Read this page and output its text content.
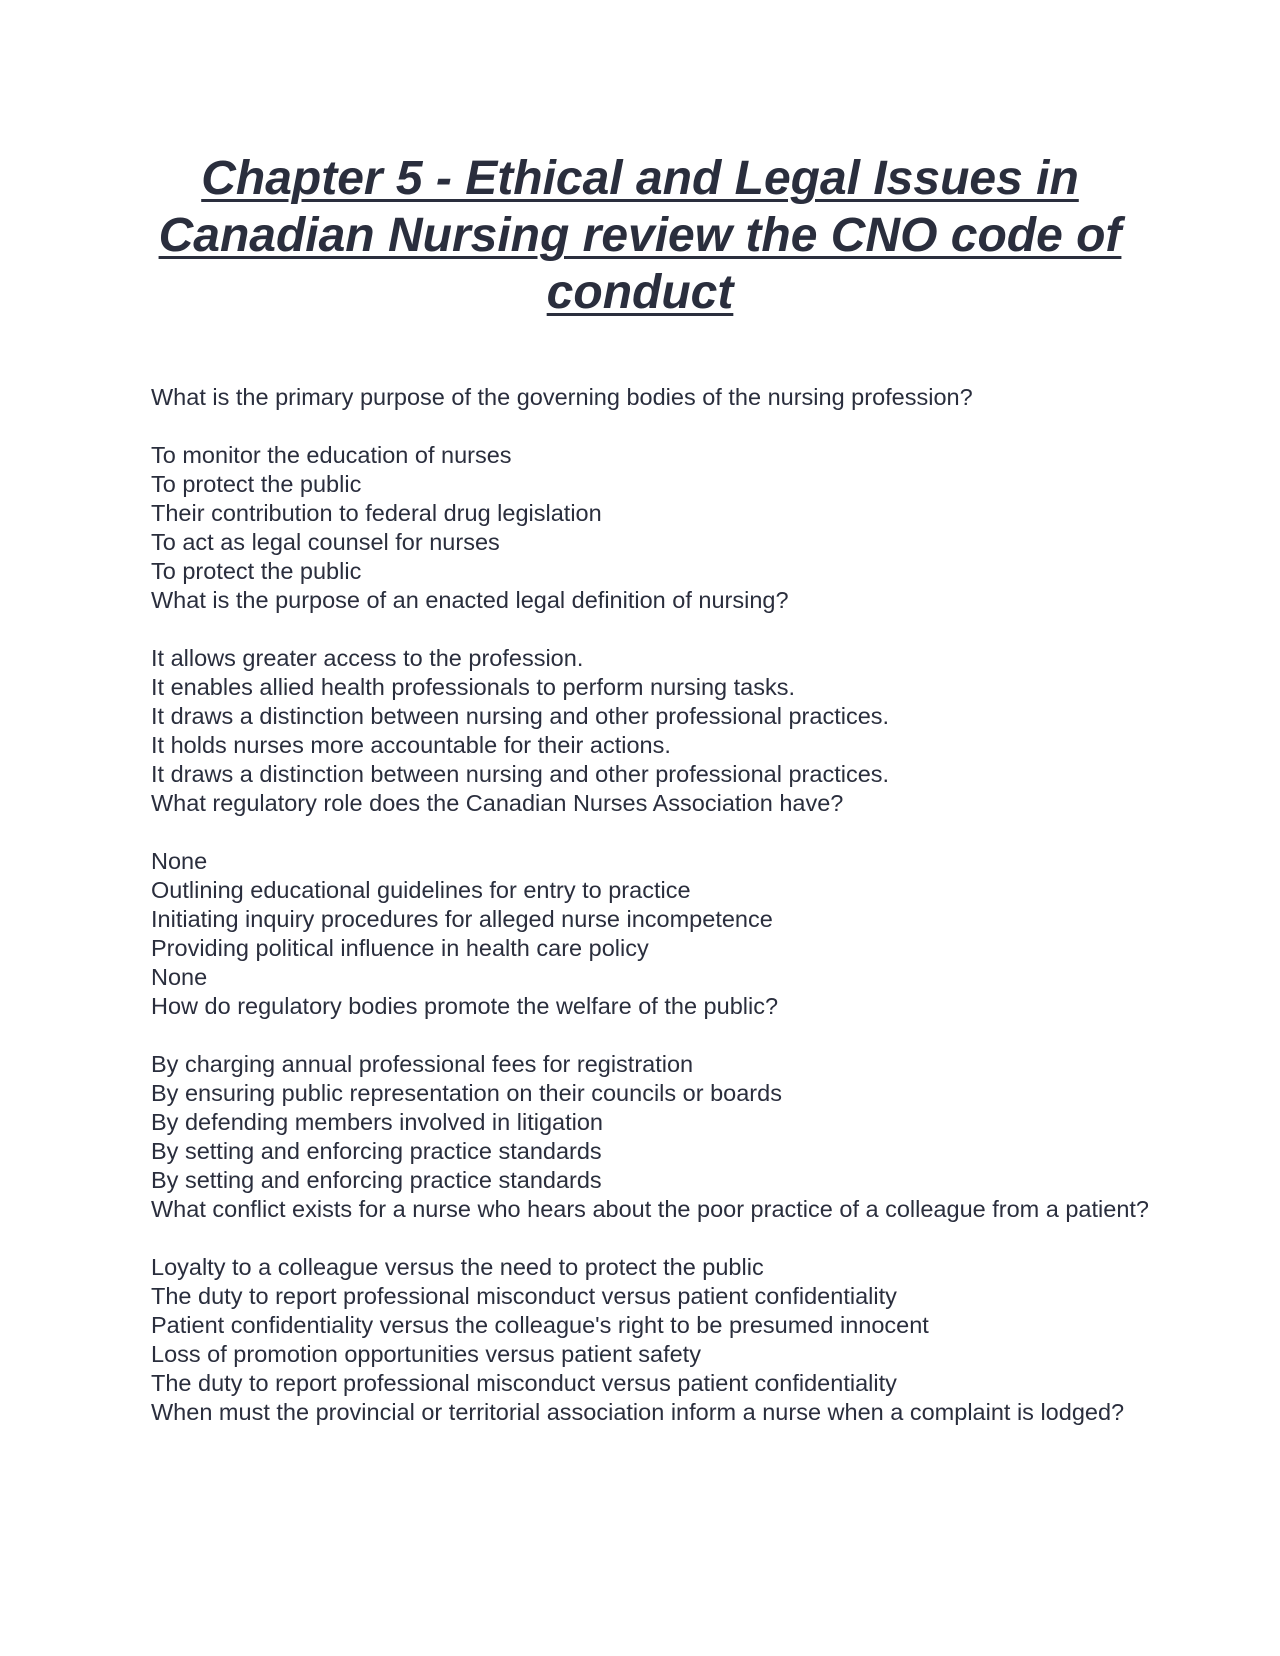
Chapter 5 - Ethical and Legal Issues in Canadian Nursing review the CNO code of conduct

What is the primary purpose of the governing bodies of the nursing profession?

To monitor the education of nurses
To protect the public
Their contribution to federal drug legislation
To act as legal counsel for nurses

To protect the public

What is the purpose of an enacted legal definition of nursing?

It allows greater access to the profession.
It enables allied health professionals to perform nursing tasks.
It draws a distinction between nursing and other professional practices.
It holds nurses more accountable for their actions.

It draws a distinction between nursing and other professional practices.

What regulatory role does the Canadian Nurses Association have?

None
Outlining educational guidelines for entry to practice
Initiating inquiry procedures for alleged nurse incompetence
Providing political influence in health care policy

None

How do regulatory bodies promote the welfare of the public?

By charging annual professional fees for registration
By ensuring public representation on their councils or boards
By defending members involved in litigation
By setting and enforcing practice standards

By setting and enforcing practice standards

What conflict exists for a nurse who hears about the poor practice of a colleague from a patient?

Loyalty to a colleague versus the need to protect the public
The duty to report professional misconduct versus patient confidentiality
Patient confidentiality versus the colleague's right to be presumed innocent
Loss of promotion opportunities versus patient safety

The duty to report professional misconduct versus patient confidentiality

When must the provincial or territorial association inform a nurse when a complaint is lodged?
